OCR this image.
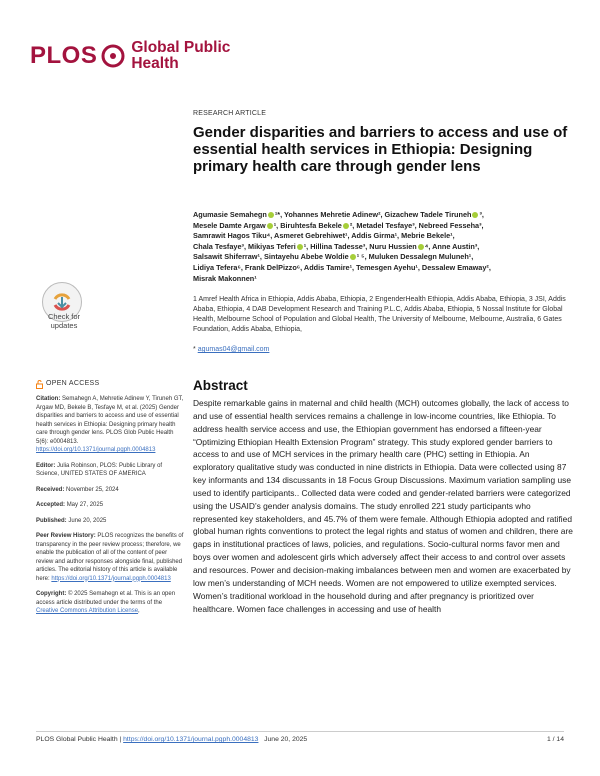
PLOS Global Public
Health
RESEARCH ARTICLE
Gender disparities and barriers to access and use of essential health services in Ethiopia: Designing primary health care through gender lens
Agumasie Semahegn ¹*, Yohannes Mehretie Adinew², Gizachew Tadele Tiruneh ³,
Mesele Damte Argaw ¹, Biruhtesfa Bekele ², Metadel Tesfaye³, Nebreed Fesseha³,
Samrawit Hagos Tiku⁴, Asmeret Gebrehiwet¹, Addis Girma¹, Mebrie Bekele¹,
Chala Tesfaye³, Mikiyas Teferi ¹, Hillina Tadesse³, Nuru Hussien ⁴, Anne Austin³,
Salsawit Shiferraw¹, Sintayehu Abebe Woldie ¹ ⁵, Muluken Dessalegn Muluneh¹,
Lidiya Tefera⁶, Frank DelPizzo⁶, Addis Tamire¹, Temesgen Ayehu¹, Dessalew Emaway²,
Misrak Makonnen¹
1 Amref Health Africa in Ethiopia, Addis Ababa, Ethiopia, 2 EngenderHealth Ethiopia, Addis Ababa, Ethiopia, 3 JSI, Addis Ababa, Ethiopia, 4 DAB Development Research and Training P.L.C, Addis Ababa, Ethiopia, 5 Nossal Institute for Global Health, Melbourne School of Population and Global Health, The University of Melbourne, Melbourne, Australia, 6 Gates Foundation, Addis Ababa, Ethiopia,
* agumas04@gmail.com
Check for
updates
OPEN ACCESS
Citation: Semahegn A, Mehretie Adinew Y, Tiruneh GT, Argaw MD, Bekele B, Tesfaye M, et al. (2025) Gender disparities and barriers to access and use of essential health services in Ethiopia: Designing primary health care through gender lens. PLOS Glob Public Health 5(6): e0004813. https://doi.org/10.1371/journal.pgph.0004813
Editor: Julia Robinson, PLOS: Public Library of Science, UNITED STATES OF AMERICA
Received: November 25, 2024
Accepted: May 27, 2025
Published: June 20, 2025
Peer Review History: PLOS recognizes the benefits of transparency in the peer review process; therefore, we enable the publication of all of the content of peer review and author responses alongside final, published articles. The editorial history of this article is available here: https://doi.org/10.1371/journal.pgph.0004813
Copyright: © 2025 Semahegn et al. This is an open access article distributed under the terms of the Creative Commons Attribution License,
Abstract

Despite remarkable gains in maternal and child health (MCH) outcomes globally, the lack of access to and use of essential health services remains a challenge in low-income countries, like Ethiopia. To address health service access and use, the Ethiopian government has endorsed a fifteen-year “Optimizing Ethiopian Health Extension Program” strategy. This study explored gender barriers to access to and use of MCH services in the primary health care (PHC) setting in Ethiopia. An exploratory qualitative study was conducted in nine districts in Ethiopia. Data were collected using 87 key informants and 134 discussants in 18 Focus Group Discussions. Maximum variation sampling use used to identify participants.. Collected data were coded and gender-related barriers were categorized using the USAID’s gender analysis domains. The study enrolled 221 study participants who represented key stakeholders, and 45.7% of them were female. Although Ethiopia adopted and ratified global human rights conventions to protect the legal rights and status of women and children, there are gaps in institutional practices of laws, policies, and regulations. Socio-cultural norms favor men and boys over women and adolescent girls which adversely affect their access to and control over assets and resources. Power and decision-making imbalances between men and women are exacerbated by low men’s understanding of MCH needs. Women are not empowered to utilize exempted services. Women’s traditional workload in the household during and after pregnancy is prioritized over healthcare. Women face challenges in accessing and use of health

PLOS Global Public Health | https://doi.org/10.1371/journal.pgph.0004813 June 20, 2025	1 / 14
